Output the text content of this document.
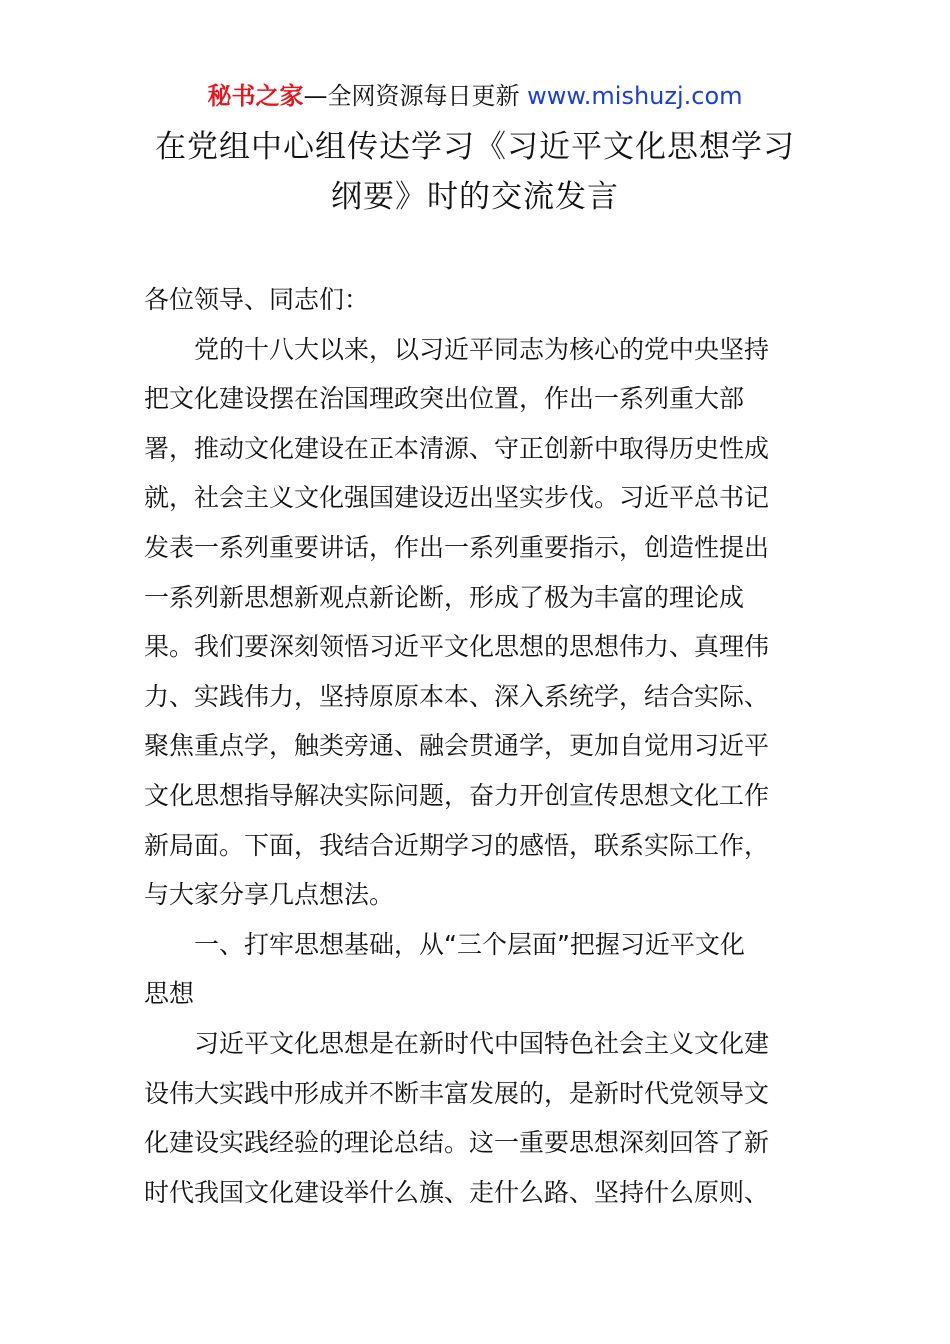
秘书之家—全网资源每日更新 www.mishuzj.com
在党组中心组传达学习《习近平文化思想学习
纲要》时的交流发言

各位领导、同志们：

党的十八大以来，以习近平同志为核心的党中央坚持
把文化建设摆在治国理政突出位置，作出一系列重大部
署，推动文化建设在正本清源、守正创新中取得历史性成
就，社会主义文化强国建设迈出坚实步伐。习近平总书记
发表一系列重要讲话，作出一系列重要指示，创造性提出
一系列新思想新观点新论断，形成了极为丰富的理论成
果。我们要深刻领悟习近平文化思想的思想伟力、真理伟
力、实践伟力，坚持原原本本、深入系统学，结合实际、
聚焦重点学，触类旁通、融会贯通学，更加自觉用习近平
文化思想指导解决实际问题，奋力开创宣传思想文化工作
新局面。下面，我结合近期学习的感悟，联系实际工作，
与大家分享几点想法。

一、打牢思想基础，从“三个层面”把握习近平文化
思想

习近平文化思想是在新时代中国特色社会主义文化建
设伟大实践中形成并不断丰富发展的，是新时代党领导文
化建设实践经验的理论总结。这一重要思想深刻回答了新
时代我国文化建设举什么旗、走什么路、坚持什么原则、
